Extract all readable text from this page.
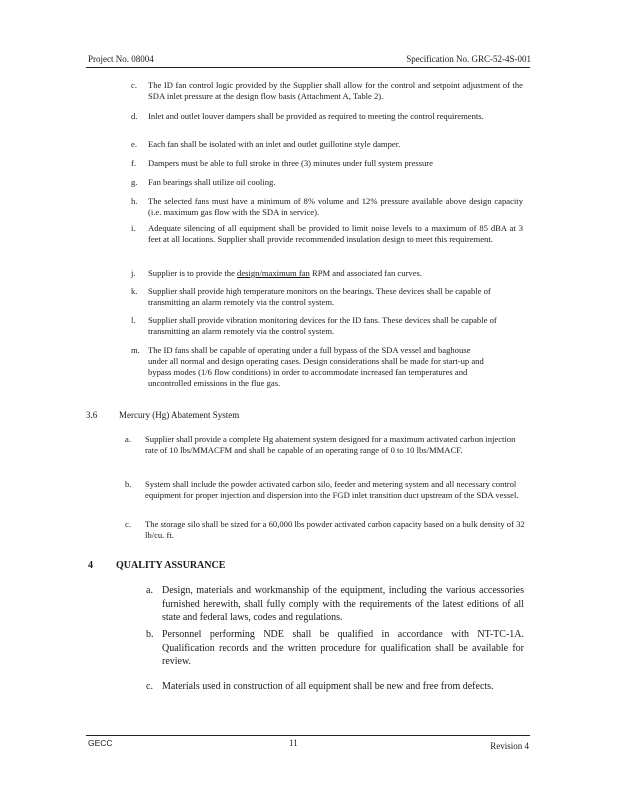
Project No. 08004	Specification No. GRC-52-4S-001
c.	The ID fan control logic provided by the Supplier shall allow for the control and setpoint adjustment of the SDA inlet pressure at the design flow basis (Attachment A, Table 2).
d.	Inlet and outlet louver dampers shall be provided as required to meeting the control requirements.
e.	Each fan shall be isolated with an inlet and outlet guillotine style damper.
f.	Dampers must be able to full stroke in three (3) minutes under full system pressure
g.	Fan bearings shall utilize oil cooling.
h.	The selected fans must have a minimum of 8% volume and 12% pressure available above design capacity (i.e. maximum gas flow with the SDA in service).
i.	Adequate silencing of all equipment shall be provided to limit noise levels to a maximum of 85 dBA at 3 feet at all locations. Supplier shall provide recommended insulation design to meet this requirement.
j.	Supplier is to provide the design/maximum fan RPM and associated fan curves.
k.	Supplier shall provide high temperature monitors on the bearings. These devices shall be capable of transmitting an alarm remotely via the control system.
l.	Supplier shall provide vibration monitoring devices for the ID fans. These devices shall be capable of transmitting an alarm remotely via the control system.
m. The ID fans shall be capable of operating under a full bypass of the SDA vessel and baghouse under all normal and design operating cases. Design considerations shall be made for start-up and bypass modes (1/6 flow conditions) in order to accommodate increased fan temperatures and uncontrolled emissions in the flue gas.
3.6 Mercury (Hg) Abatement System
a.	Supplier shall provide a complete Hg abatement system designed for a maximum activated carbon injection rate of 10 lbs/MMACFM and shall be capable of an operating range of 0 to 10 lbs/MMACF.
b.	System shall include the powder activated carbon silo, feeder and metering system and all necessary control equipment for proper injection and dispersion into the FGD inlet transition duct upstream of the SDA vessel.
c.	The storage silo shall be sized for a 60,000 lbs powder activated carbon capacity based on a bulk density of 32 lb/cu. ft.
4 QUALITY ASSURANCE
a. Design, materials and workmanship of the equipment, including the various accessories furnished herewith, shall fully comply with the requirements of the latest editions of all state and federal laws, codes and regulations.
b. Personnel performing NDE shall be qualified in accordance with NT-TC-1A. Qualification records and the written procedure for qualification shall be available for review.
c. Materials used in construction of all equipment shall be new and free from defects.
GECC	11	Revision 4
